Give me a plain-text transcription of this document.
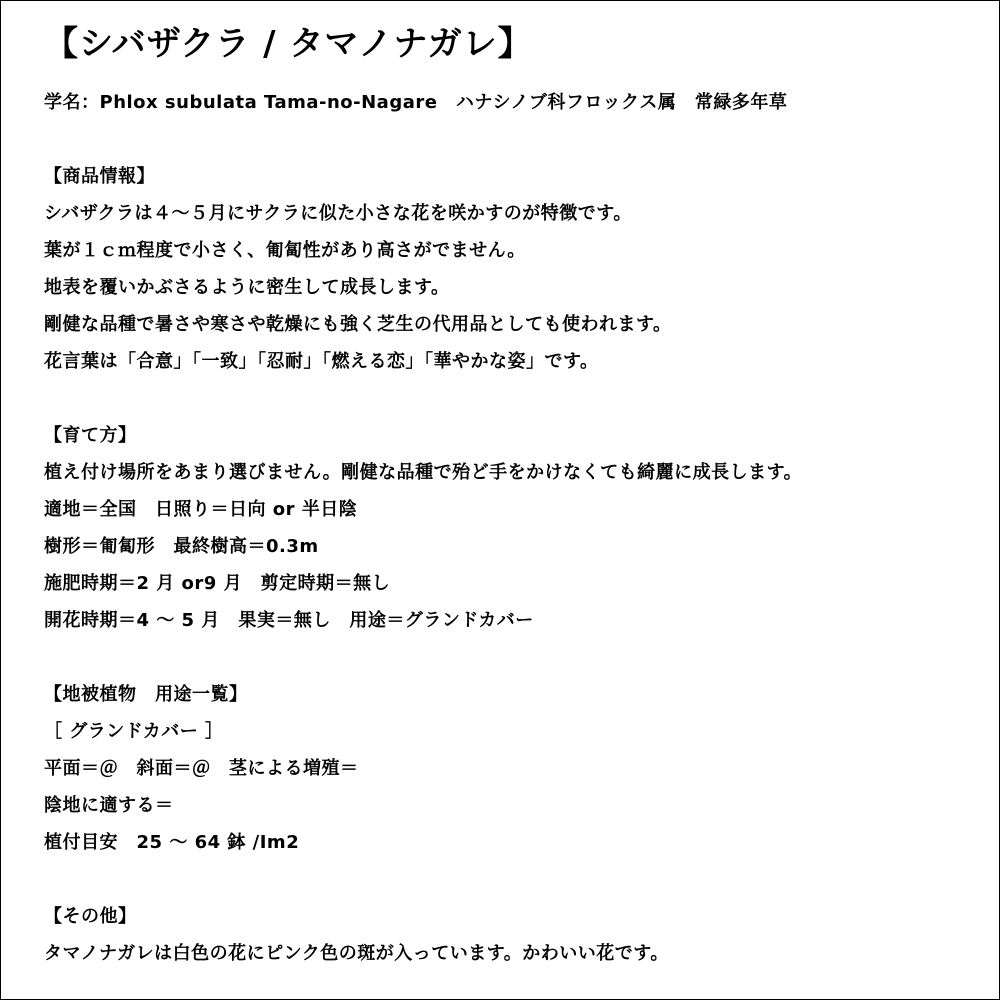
【シバザクラ / タマノナガレ】
学名：Phlox subulata Tama-no-Nagare　ハナシノブ科フロックス属　常緑多年草
【商品情報】
シバザクラは４～５月にサクラに似た小さな花を咲かすのが特徴です。
葉が１ｃｍ程度で小さく、匍匐性があり高さがでません。
地表を覆いかぶさるように密生して成長します。
剛健な品種で暑さや寒さや乾燥にも強く芝生の代用品としても使われます。
花言葉は「合意」「一致」「忍耐」「燃える恋」「華やかな姿」です。
【育て方】
植え付け場所をあまり選びません。剛健な品種で殆ど手をかけなくても綺麗に成長します。
適地＝全国　日照り＝日向 or 半日陰
樹形＝匍匐形　最終樹高＝0.3m
施肥時期＝2 月 or9 月　剪定時期＝無し
開花時期＝4 ～ 5 月　果実＝無し　用途＝グランドカバー
【地被植物　用途一覧】
［ グランドカバー ］
平面＝＠　斜面＝＠　茎による増殖＝
陰地に適する＝
植付目安　25 ～ 64 鉢 /Im2
【その他】
タマノナガレは白色の花にピンク色の斑が入っています。かわいい花です。
